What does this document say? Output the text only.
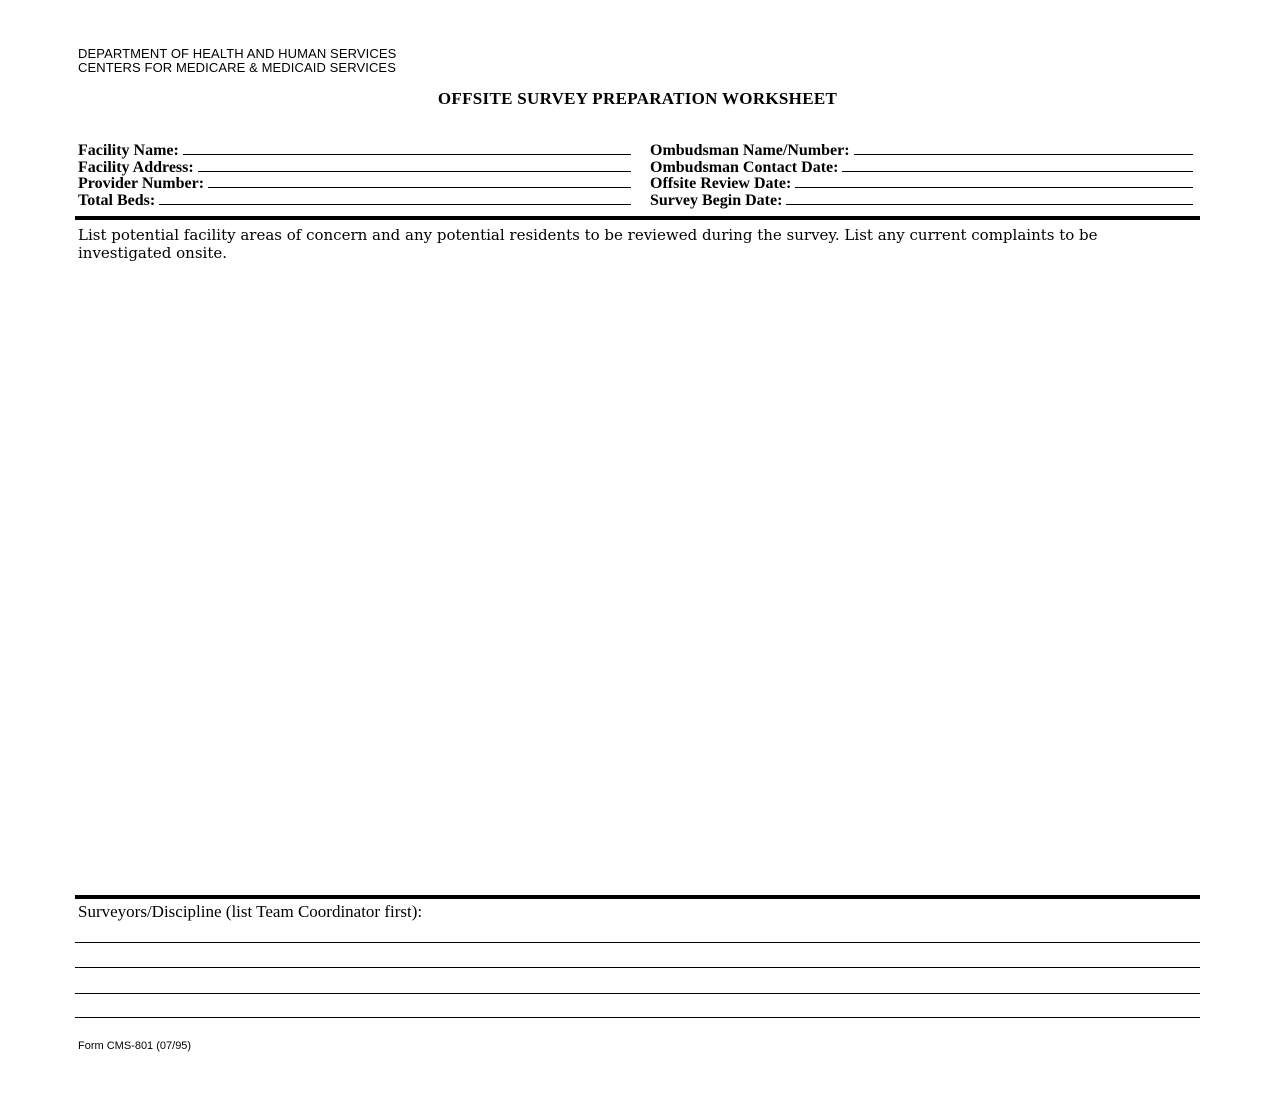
DEPARTMENT OF HEALTH AND HUMAN SERVICES
CENTERS FOR MEDICARE & MEDICAID SERVICES
OFFSITE SURVEY PREPARATION WORKSHEET
Facility Name:
Facility Address:
Provider Number:
Total Beds:
Ombudsman Name/Number:
Ombudsman Contact Date:
Offsite Review Date:
Survey Begin Date:
List potential facility areas of concern and any potential residents to be reviewed during the survey. List any current complaints to be investigated onsite.
Surveyors/Discipline (list Team Coordinator first):
Form CMS-801 (07/95)
